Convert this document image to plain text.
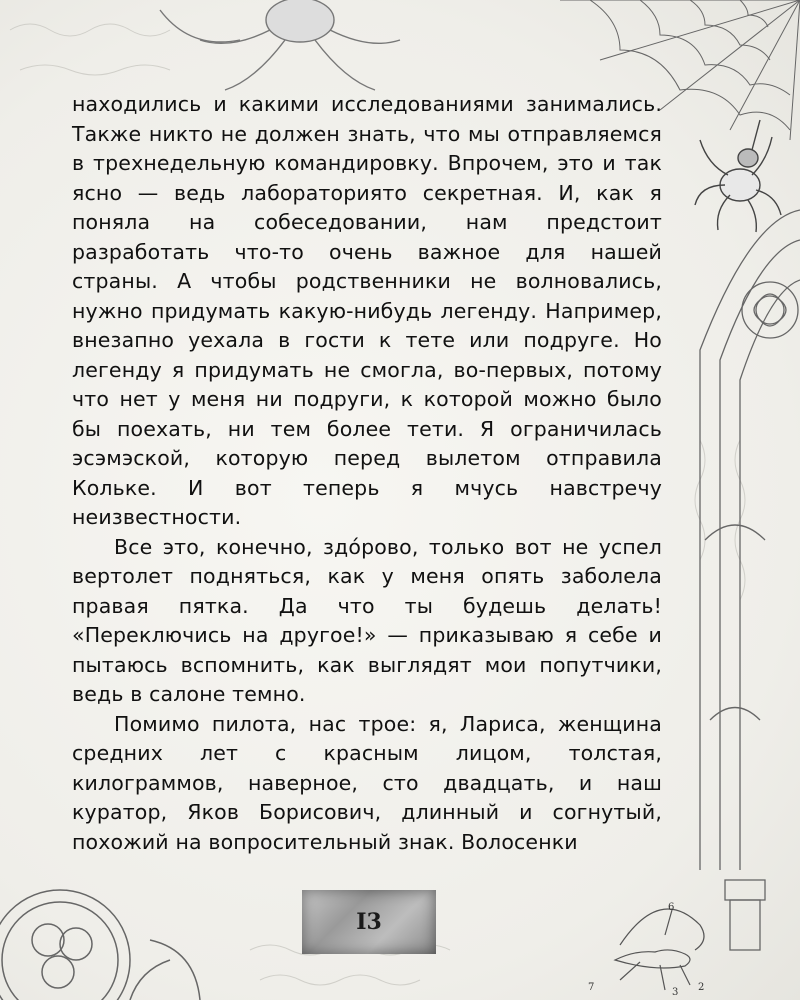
7	3 2
6

находились и какими исследованиями занимались. Также никто не должен знать, что мы отправляемся в трехнедельную командировку. Впрочем, это и так ясно — ведь лабораториято секретная. И, как я поняла на собеседовании, нам предстоит разработать что-то очень важное для нашей страны. А чтобы родственники не волновались, нужно придумать какую-нибудь легенду. Например, внезапно уехала в гости к тете или подруге. Но легенду я придумать не смогла, во-первых, потому что нет у меня ни подруги, к которой можно было бы поехать, ни тем более тети. Я ограничилась эсэмэской, которую перед вылетом отправила Кольке. И вот теперь я мчусь навстречу неизвестности.

Все это, конечно, здóрово, только вот не успел вертолет подняться, как у меня опять заболела правая пятка. Да что ты будешь делать! «Переключись на другое!» — приказываю я себе и пытаюсь вспомнить, как выглядят мои попутчики, ведь в салоне темно.

Помимо пилота, нас трое: я, Лариса, женщина средних лет с красным лицом, толстая, килограммов, наверное, сто двадцать, и наш куратор, Яков Борисович, длинный и согнутый, похожий на вопросительный знак. Волосенки

I3
